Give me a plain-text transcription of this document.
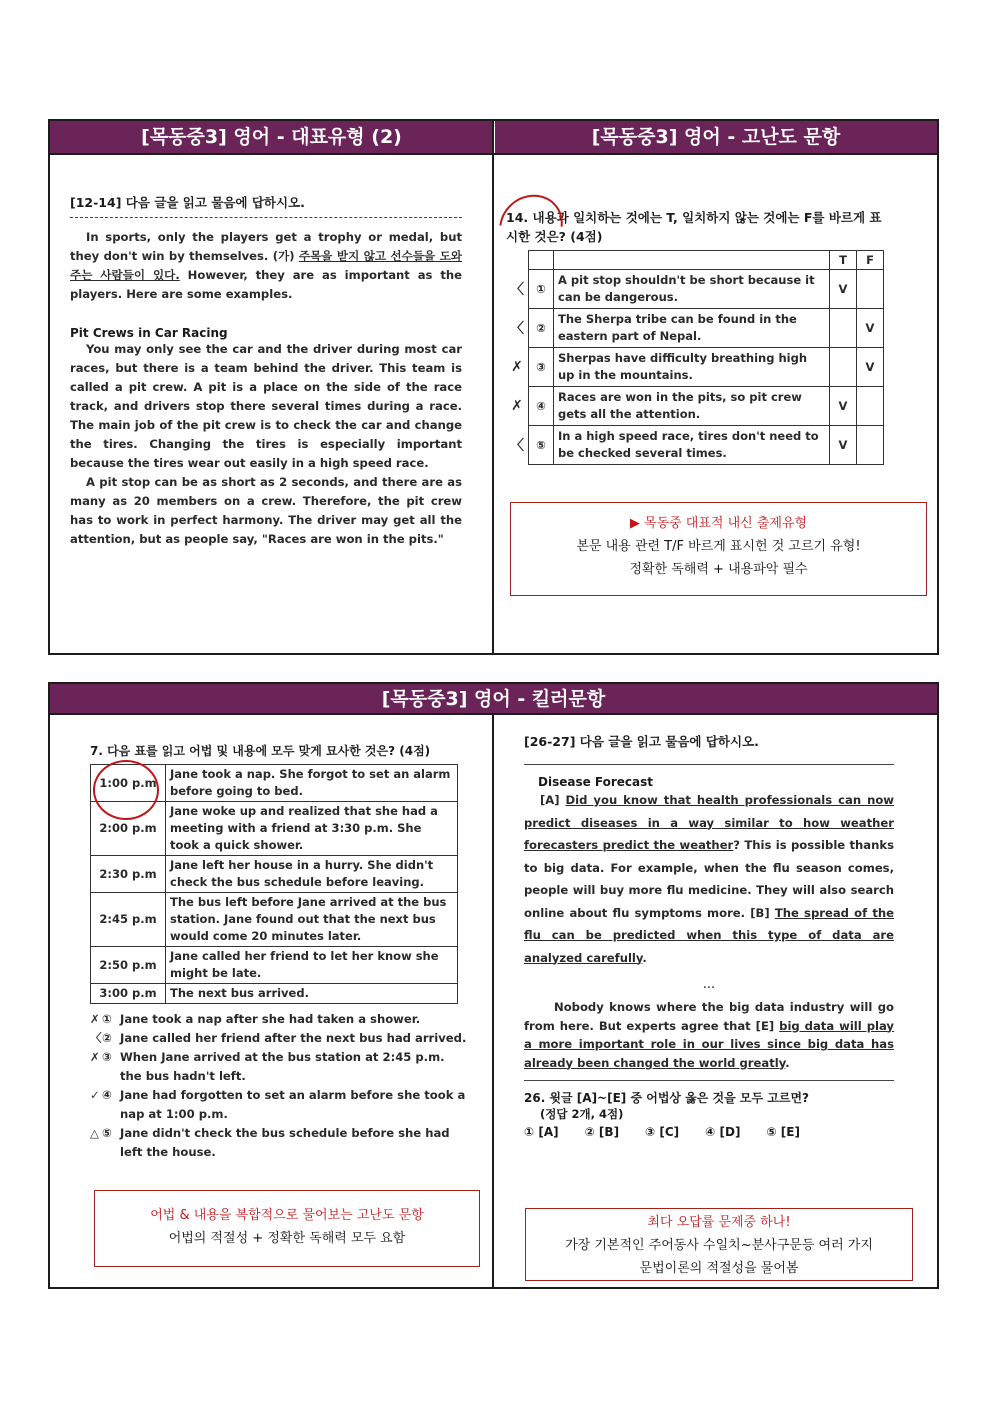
[목동중3] 영어 - 대표유형 (2)	[목동중3] 영어 - 고난도 문항
[12-14] 다음 글을 읽고 물음에 답하시오.

In sports, only the players get a trophy or medal, but they don't win by themselves. (가) 주목을 받지 않고 선수들을 도와주는 사람들이 있다. However, they are as important as the players. Here are some examples.

Pit Crews in Car Racing

You may only see the car and the driver during most car races, but there is a team behind the driver. This team is called a pit crew. A pit is a place on the side of the race track, and drivers stop there several times during a race. The main job of the pit crew is to check the car and change the tires. Changing the tires is especially important because the tires wear out easily in a high speed race.

A pit stop can be as short as 2 seconds, and there are as many as 20 members on a crew. Therefore, the pit crew has to work in perfect harmony. The driver may get all the attention, but as people say, "Races are won in the pits."

14. 내용과 일치하는 것에는 T, 일치하지 않는 것에는 F를 바르게 표시한 것은? (4점)
			T	F
〈	①	A pit stop shouldn't be short because it can be dangerous.	V	
〈	②	The Sherpa tribe can be found in the eastern part of Nepal.		V
✗	③	Sherpas have difficulty breathing high up in the mountains.		V
✗	④	Races are won in the pits, so pit crew gets all the attention.	V	
〈	⑤	In a high speed race, tires don't need to be checked several times.	V	
▶ 목동중 대표적 내신 출제유형
본문 내용 관련 T/F 바르게 표시헌 것 고르기 유형!
정확한 독해력 + 내용파악 필수
[목동중3] 영어 - 킬러문항
7. 다음 표를 읽고 어법 및 내용에 모두 맞게 묘사한 것은? (4점)
1:00 p.m	Jane took a nap. She forgot to set an alarm before going to bed.
2:00 p.m	Jane woke up and realized that she had a meeting with a friend at 3:30 p.m. She took a quick shower.
2:30 p.m	Jane left her house in a hurry. She didn't check the bus schedule before leaving.
2:45 p.m	The bus left before Jane arrived at the bus station. Jane found out that the next bus would come 20 minutes later.
2:50 p.m	Jane called her friend to let her know she might be late.
3:00 p.m	The next bus arrived.
✗ ① Jane took a nap after she had taken a shower.
〈 ② Jane called her friend after the next bus had arrived.
✗ ③ When Jane arrived at the bus station at 2:45 p.m. the bus hadn't left.
✓ ④ Jane had forgotten to set an alarm before she took a nap at 1:00 p.m.
△ ⑤ Jane didn't check the bus schedule before she had left the house.
어법 & 내용을 복합적으로 물어보는 고난도 문항
어법의 적절성 + 정확한 독해력 모두 요함
[26-27] 다음 글을 읽고 물음에 답하시오.
Disease Forecast

[A] Did you know that health professionals can now predict diseases in a way similar to how weather forecasters predict the weather? This is possible thanks to big data. For example, when the flu season comes, people will buy more flu medicine. They will also search online about flu symptoms more. [B] The spread of the flu can be predicted when this type of data are analyzed carefully.

...

Nobody knows where the big data industry will go from here. But experts agree that [E] big data will play a more important role in our lives since big data has already been changed the world greatly.

26. 윗글 [A]~[E] 중 어법상 옳은 것을 모두 고르면?
(정답 2개, 4점)
① [A] ② [B] ③ [C] ④ [D] ⑤ [E]
최다 오답률 문제중 하나!
가장 기본적인 주어동사 수일치~분사구문등 여러 가지
문법이론의 적절성을 물어봄
